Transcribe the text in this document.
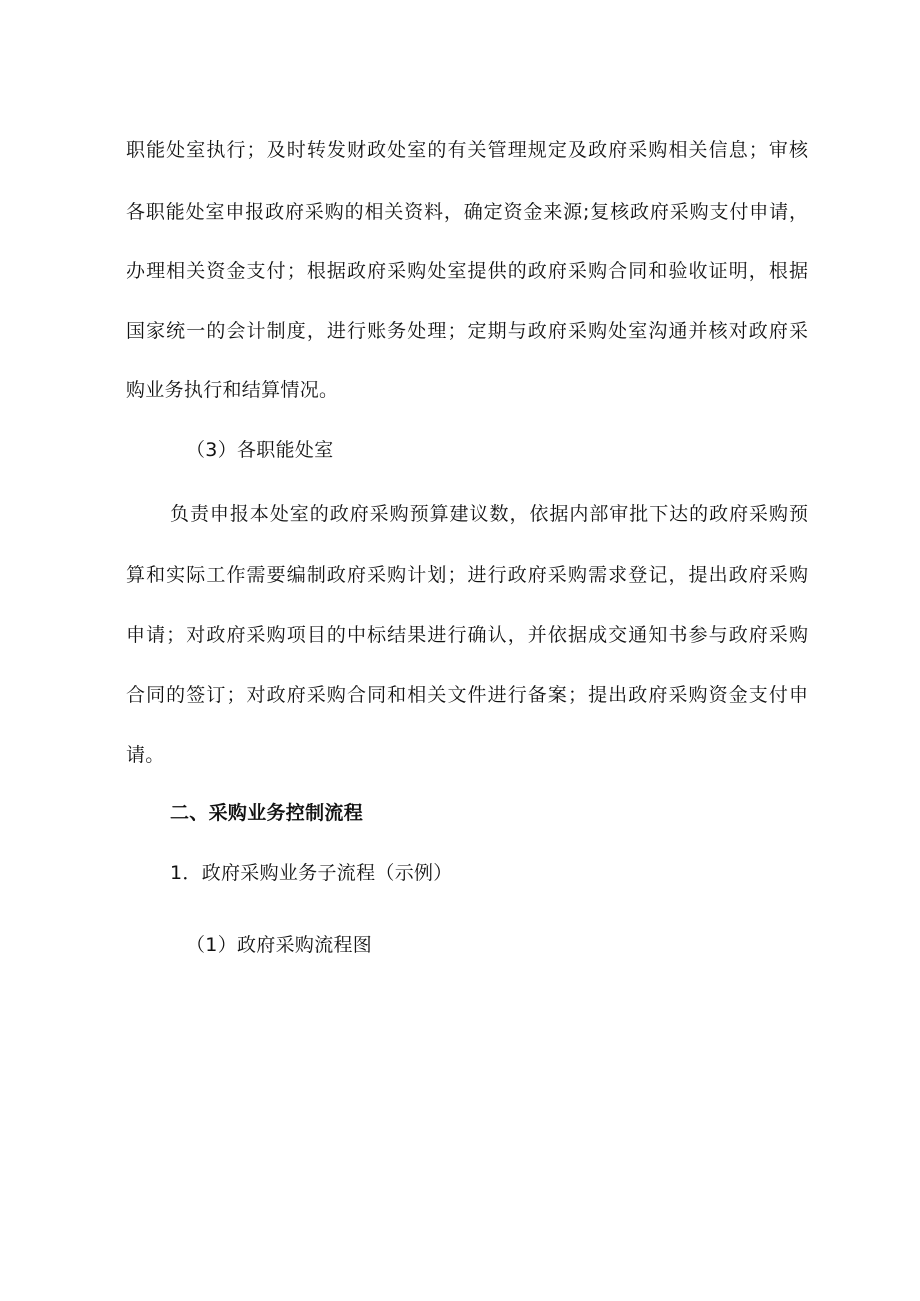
职能处室执行；及时转发财政处室的有关管理规定及政府采购相关信息；审核
各职能处室申报政府采购的相关资料，确定资金来源;复核政府采购支付申请，
办理相关资金支付；根据政府采购处室提供的政府采购合同和验收证明，根据
国家统一的会计制度，进行账务处理；定期与政府采购处室沟通并核对政府采
购业务执行和结算情况。
（3）各职能处室
负责申报本处室的政府采购预算建议数，依据内部审批下达的政府采购预
算和实际工作需要编制政府采购计划；进行政府采购需求登记，提出政府采购
申请；对政府采购项目的中标结果进行确认，并依据成交通知书参与政府采购
合同的签订；对政府采购合同和相关文件进行备案；提出政府采购资金支付申
请。
二、采购业务控制流程
1．政府采购业务子流程（示例）
（1）政府采购流程图
